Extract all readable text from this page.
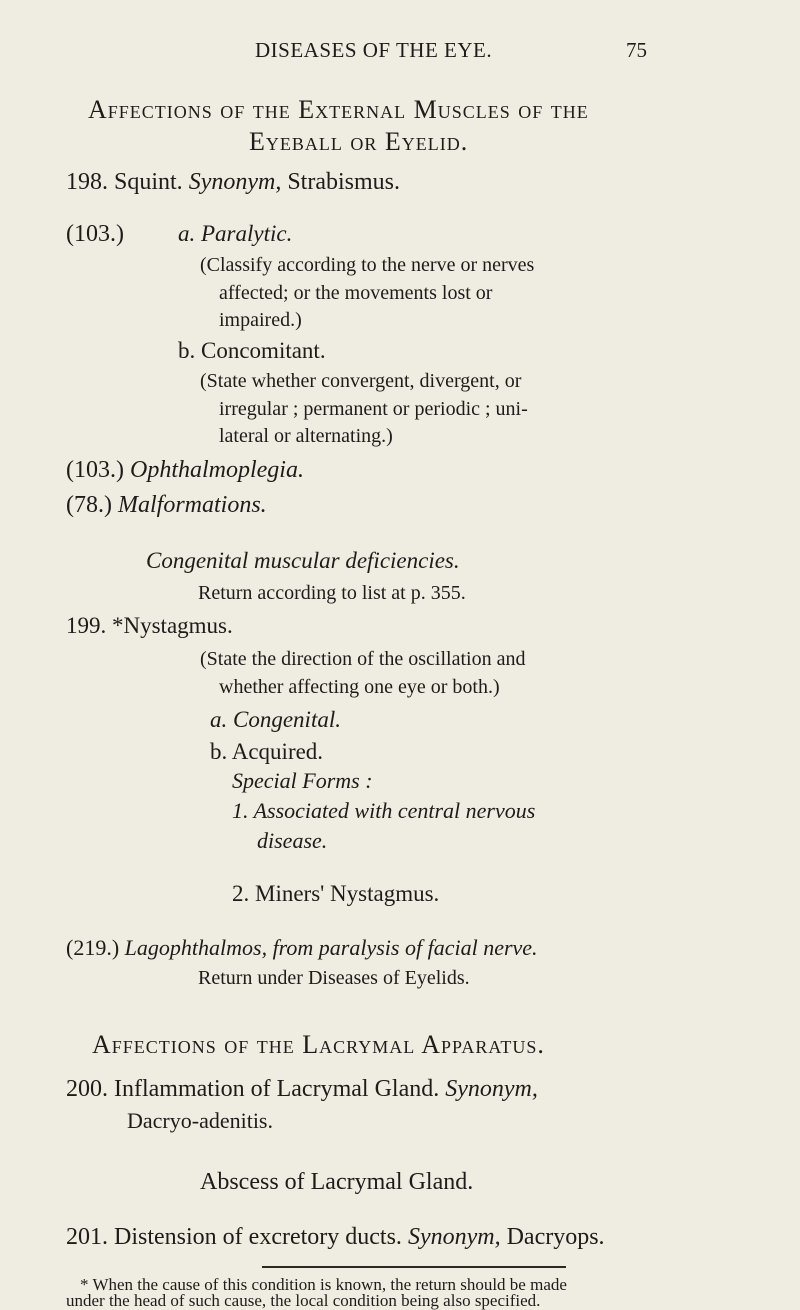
DISEASES OF THE EYE.	75
Affections of the External Muscles of the
Eyeball or Eyelid.
198. Squint. Synonym, Strabismus.
(103.) a. Paralytic.
(Classify according to the nerve or nerves
affected; or the movements lost or
impaired.)
b. Concomitant.
(State whether convergent, divergent, or
irregular ; permanent or periodic ; uni-
lateral or alternating.)
(103.) Ophthalmoplegia.
(78.) Malformations.
Congenital muscular deficiencies.
Return according to list at p. 355.
199. *Nystagmus.
(State the direction of the oscillation and
whether affecting one eye or both.)
a. Congenital.
b. Acquired.
Special Forms :
1. Associated with central nervous
disease.
2. Miners' Nystagmus.
(219.) Lagophthalmos, from paralysis of facial nerve.
Return under Diseases of Eyelids.
Affections of the Lacrymal Apparatus.
200. Inflammation of Lacrymal Gland. Synonym,
Dacryo-adenitis.
Abscess of Lacrymal Gland.
201. Distension of excretory ducts. Synonym, Dacryops.
* When the cause of this condition is known, the return should be made
under the head of such cause, the local condition being also specified.
